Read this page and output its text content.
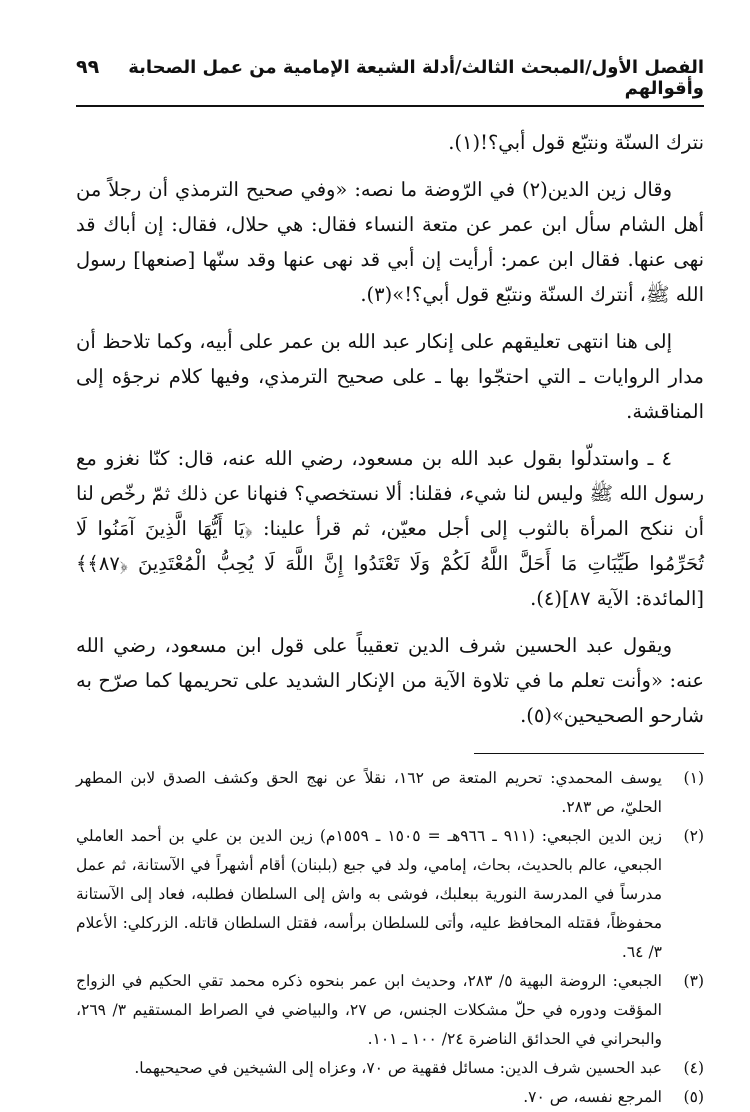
الفصل الأول/المبحث الثالث/أدلة الشيعة الإمامية من عمل الصحابة وأقوالهم
٩٩

نترك السنّة ونتبّع قول أبي؟!(١).

وقال زين الدين(٢) في الرّوضة ما نصه: «وفي صحيح الترمذي أن رجلاً من أهل الشام سأل ابن عمر عن متعة النساء فقال: هي حلال، فقال: إن أباك قد نهى عنها. فقال ابن عمر: أرأيت إن أبي قد نهى عنها وقد سنّها [صنعها] رسول الله ﷺ، أنترك السنّة ونتبّع قول أبي؟!»(٣).

إلى هنا انتهى تعليقهم على إنكار عبد الله بن عمر على أبيه، وكما تلاحظ أن مدار الروايات ـ التي احتجّوا بها ـ على صحيح الترمذي، وفيها كلام نرجؤه إلى المناقشة.

٤ ـ واستدلّوا بقول عبد الله بن مسعود، رضي الله عنه، قال: كنّا نغزو مع رسول الله ﷺ وليس لنا شيء، فقلنا: ألا نستخصي؟ فنهانا عن ذلك ثمّ رخّص لنا أن ننكح المرأة بالثوب إلى أجل معيّن، ثم قرأ علينا: ﴿يَا أَيُّهَا الَّذِينَ آمَنُوا لَا تُحَرِّمُوا طَيِّبَاتِ مَا أَحَلَّ اللَّهُ لَكُمْ وَلَا تَعْتَدُوا إِنَّ اللَّهَ لَا يُحِبُّ الْمُعْتَدِينَ ﴿٨٧﴾﴾ [المائدة: الآية ٨٧](٤).

ويقول عبد الحسين شرف الدين تعقيباً على قول ابن مسعود، رضي الله عنه: «وأنت تعلم ما في تلاوة الآية من الإنكار الشديد على تحريمها كما صرّح به شارحو الصحيحين»(٥).

(١)
يوسف المحمدي: تحريم المتعة ص ١٦٢، نقلاً عن نهج الحق وكشف الصدق لابن المطهر الحليّ، ص ٢٨٣.
(٢)
زين الدين الجبعي: (٩١١ ـ ٩٦٦هـ = ١٥٠٥ ـ ١٥٥٩م) زين الدين بن علي بن أحمد العاملي الجبعي، عالم بالحديث، بحاث، إمامي، ولد في جبع (بلبنان) أقام أشهراً في الآستانة، ثم عمل مدرساً في المدرسة النورية ببعلبك، فوشى به واش إلى السلطان فطلبه، فعاد إلى الآستانة محفوظاً، فقتله المحافظ عليه، وأتى للسلطان برأسه، فقتل السلطان قاتله. الزركلي: الأعلام ٣/ ٦٤.
(٣)
الجبعي: الروضة البهية ٥/ ٢٨٣، وحديث ابن عمر بنحوه ذكره محمد تقي الحكيم في الزواج المؤقت ودوره في حلّ مشكلات الجنس، ص ٢٧، والبياضي في الصراط المستقيم ٣/ ٢٦٩، والبحراني في الحدائق الناضرة ٢٤/ ١٠٠ ـ ١٠١.
(٤)
عبد الحسين شرف الدين: مسائل فقهية ص ٧٠، وعزاه إلى الشيخين في صحيحيهما.
(٥)
المرجع نفسه، ص ٧٠.
